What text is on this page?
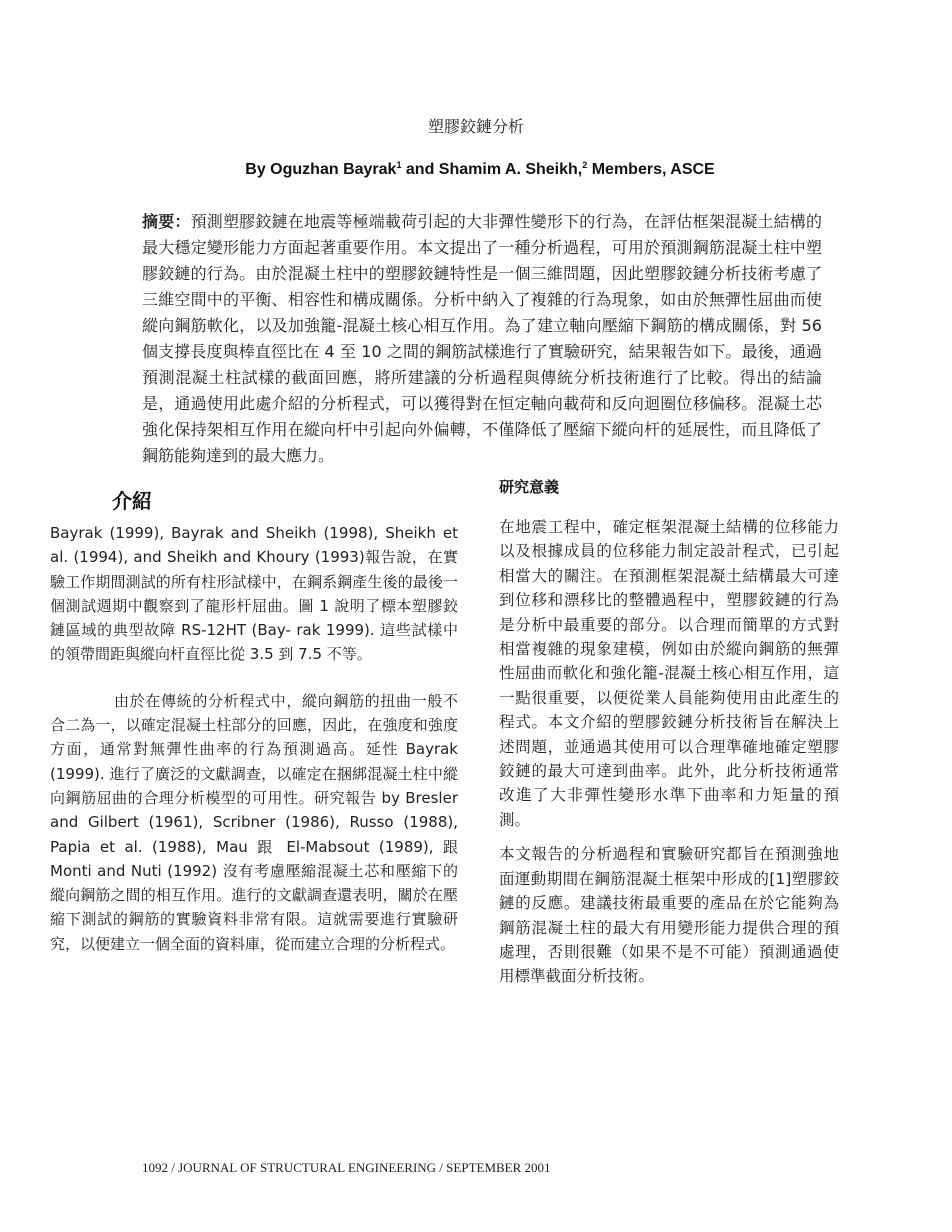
塑膠鉸鏈分析
By Oguzhan Bayrak$^1$ and Shamim A. Sheikh,$^2$ Members, ASCE
摘要：預測塑膠鉸鏈在地震等極端載荷引起的大非彈性變形下的行為，在評估框架混凝土結構的最大穩定變形能力方面起著重要作用。本文提出了一種分析過程，可用於預測鋼筋混凝土柱中塑膠鉸鏈的行為。由於混凝土柱中的塑膠鉸鏈特性是一個三維問題，因此塑膠鉸鏈分析技術考慮了三維空間中的平衡、相容性和構成關係。分析中納入了複雜的行為現象，如由於無彈性屈曲而使縱向鋼筋軟化，以及加強籠-混凝土核心相互作用。為了建立軸向壓縮下鋼筋的構成關係，對 56 個支撐長度與棒直徑比在 4 至 10 之間的鋼筋試樣進行了實驗研究，結果報告如下。最後，通過預測混凝土柱試樣的截面回應，將所建議的分析過程與傳統分析技術進行了比較。得出的結論是，通過使用此處介紹的分析程式，可以獲得對在恒定軸向載荷和反向迴圈位移偏移。混凝土芯強化保持架相互作用在縱向杆中引起向外偏轉，不僅降低了壓縮下縱向杆的延展性，而且降低了鋼筋能夠達到的最大應力。
介紹

Bayrak (1999), Bayrak and Sheikh (1998), Sheikh et al. (1994), and Sheikh and Khoury (1993)報告說，在實驗工作期間測試的所有柱形試樣中，在鋼系鋼產生後的最後一個測試週期中觀察到了龍形杆屈曲。圖 1 說明了標本塑膠鉸鏈區域的典型故障 RS-12HT (Bay- rak 1999). 這些試樣中的領帶間距與縱向杆直徑比從 3.5 到 7.5 不等。

由於在傳統的分析程式中，縱向鋼筋的扭曲一般不合二為一，以確定混凝土柱部分的回應，因此，在強度和強度方面，通常對無彈性曲率的行為預測過高。延性 Bayrak (1999). 進行了廣泛的文獻調查，以確定在捆綁混凝土柱中縱向鋼筋屈曲的合理分析模型的可用性。研究報告 by Bresler and Gilbert (1961), Scribner (1986), Russo (1988), Papia et al. (1988), Mau 跟 El-Mabsout (1989), 跟 Monti and Nuti (1992) 沒有考慮壓縮混凝土芯和壓縮下的縱向鋼筋之間的相互作用。進行的文獻調查還表明，關於在壓縮下測試的鋼筋的實驗資料非常有限。這就需要進行實驗研究，以便建立一個全面的資料庫，從而建立合理的分析程式。

研究意義

在地震工程中，確定框架混凝土結構的位移能力以及根據成員的位移能力制定設計程式，已引起相當大的關注。在預測框架混凝土結構最大可達到位移和漂移比的整體過程中，塑膠鉸鏈的行為是分析中最重要的部分。以合理而簡單的方式對相當複雜的現象建模，例如由於縱向鋼筋的無彈性屈曲而軟化和強化籠-混凝土核心相互作用，這一點很重要，以便從業人員能夠使用由此產生的程式。本文介紹的塑膠鉸鏈分析技術旨在解決上述問題，並通過其使用可以合理準確地確定塑膠鉸鏈的最大可達到曲率。此外，此分析技術通常改進了大非彈性變形水準下曲率和力矩量的預測。

本文報告的分析過程和實驗研究都旨在預測強地面運動期間在鋼筋混凝土框架中形成的[1]塑膠鉸鏈的反應。建議技術最重要的產品在於它能夠為鋼筋混凝土柱的最大有用變形能力提供合理的預處理，否則很難（如果不是不可能）預測通過使用標準截面分析技術。

1092 / JOURNAL OF STRUCTURAL ENGINEERING / SEPTEMBER 2001
